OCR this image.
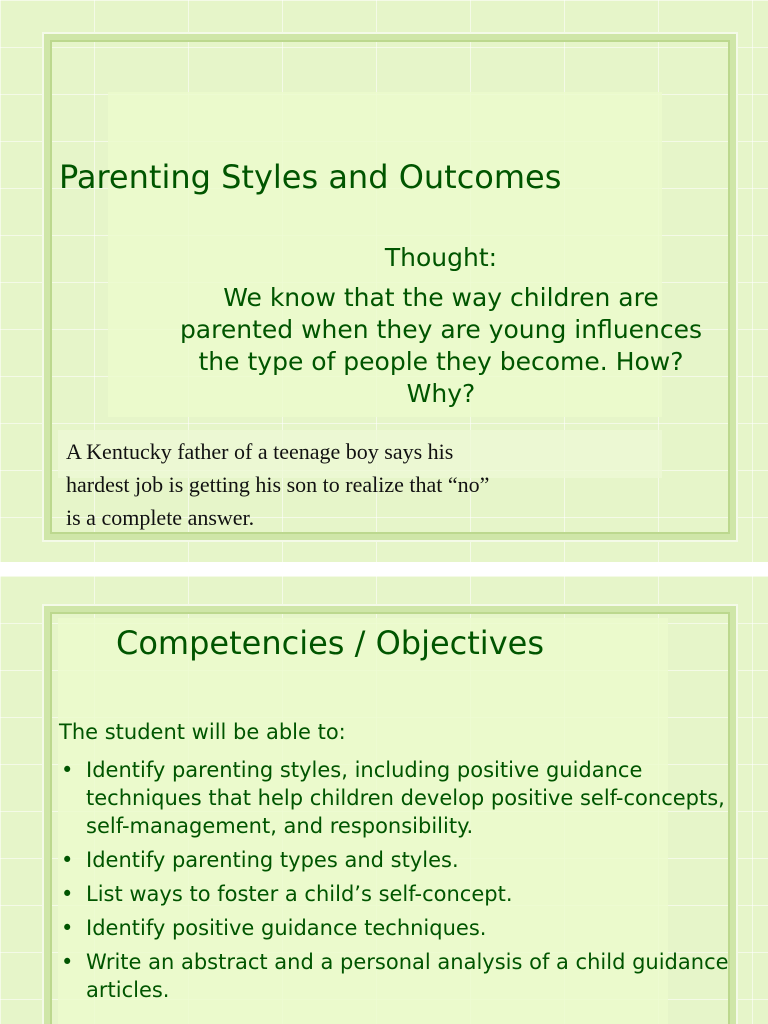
Parenting Styles and Outcomes
Thought:
We know that the way children are parented when they are young influences the type of people they become. How? Why?
A Kentucky father of a teenage boy says his hardest job is getting his son to realize that “no” is a complete answer.
Competencies / Objectives

The student will be able to:

• Identify parenting styles, including positive guidance techniques that help children develop positive self-concepts, self-management, and responsibility.
• Identify parenting types and styles.
• List ways to foster a child’s self-concept.
• Identify positive guidance techniques.
• Write an abstract and a personal analysis of a child guidance articles.
